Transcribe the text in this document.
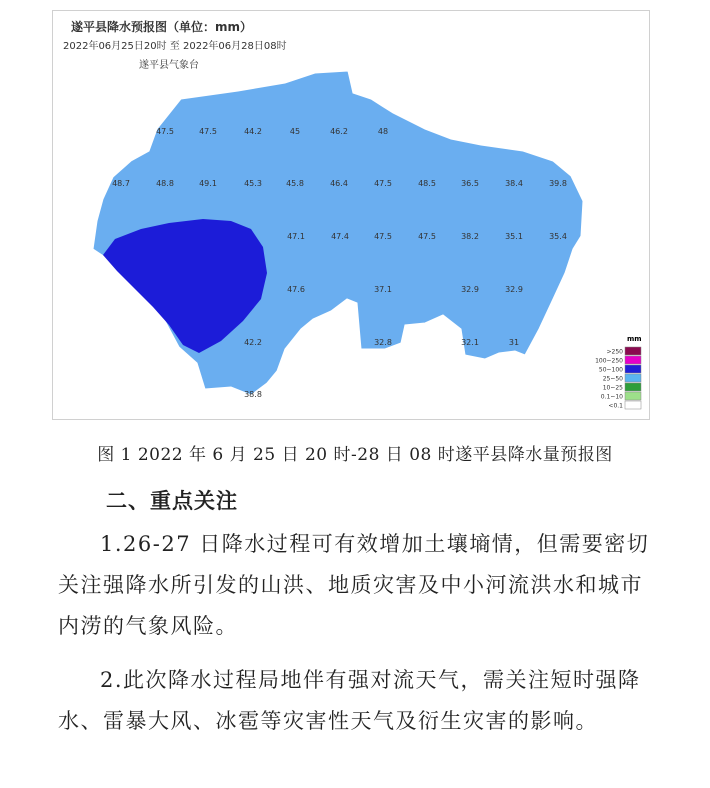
47.5	47.5	44.2	45	46.2	48
48.7	48.8	49.1	45.3	45.8	46.4	47.5	48.5	36.5	38.4	39.8
47.1	47.4	47.5	47.5	38.2	35.1	35.4
47.6	37.1	32.9	32.9
42.2	32.8	32.1	31
38.8
mm
>250
100~250
50~100
25~50
10~25
0.1~10
<0.1
遂平县降水预报图（单位：mm）
2022年06月25日20时 至 2022年06月28日08时
遂平县气象台
图 1 2022 年 6 月 25 日 20 时-28 日 08 时遂平县降水量预报图
二、重点关注

1.26-27 日降水过程可有效增加土壤墒情，但需要密切关注强降水所引发的山洪、地质灾害及中小河流洪水和城市内涝的气象风险。

2.此次降水过程局地伴有强对流天气，需关注短时强降水、雷暴大风、冰雹等灾害性天气及衍生灾害的影响。
